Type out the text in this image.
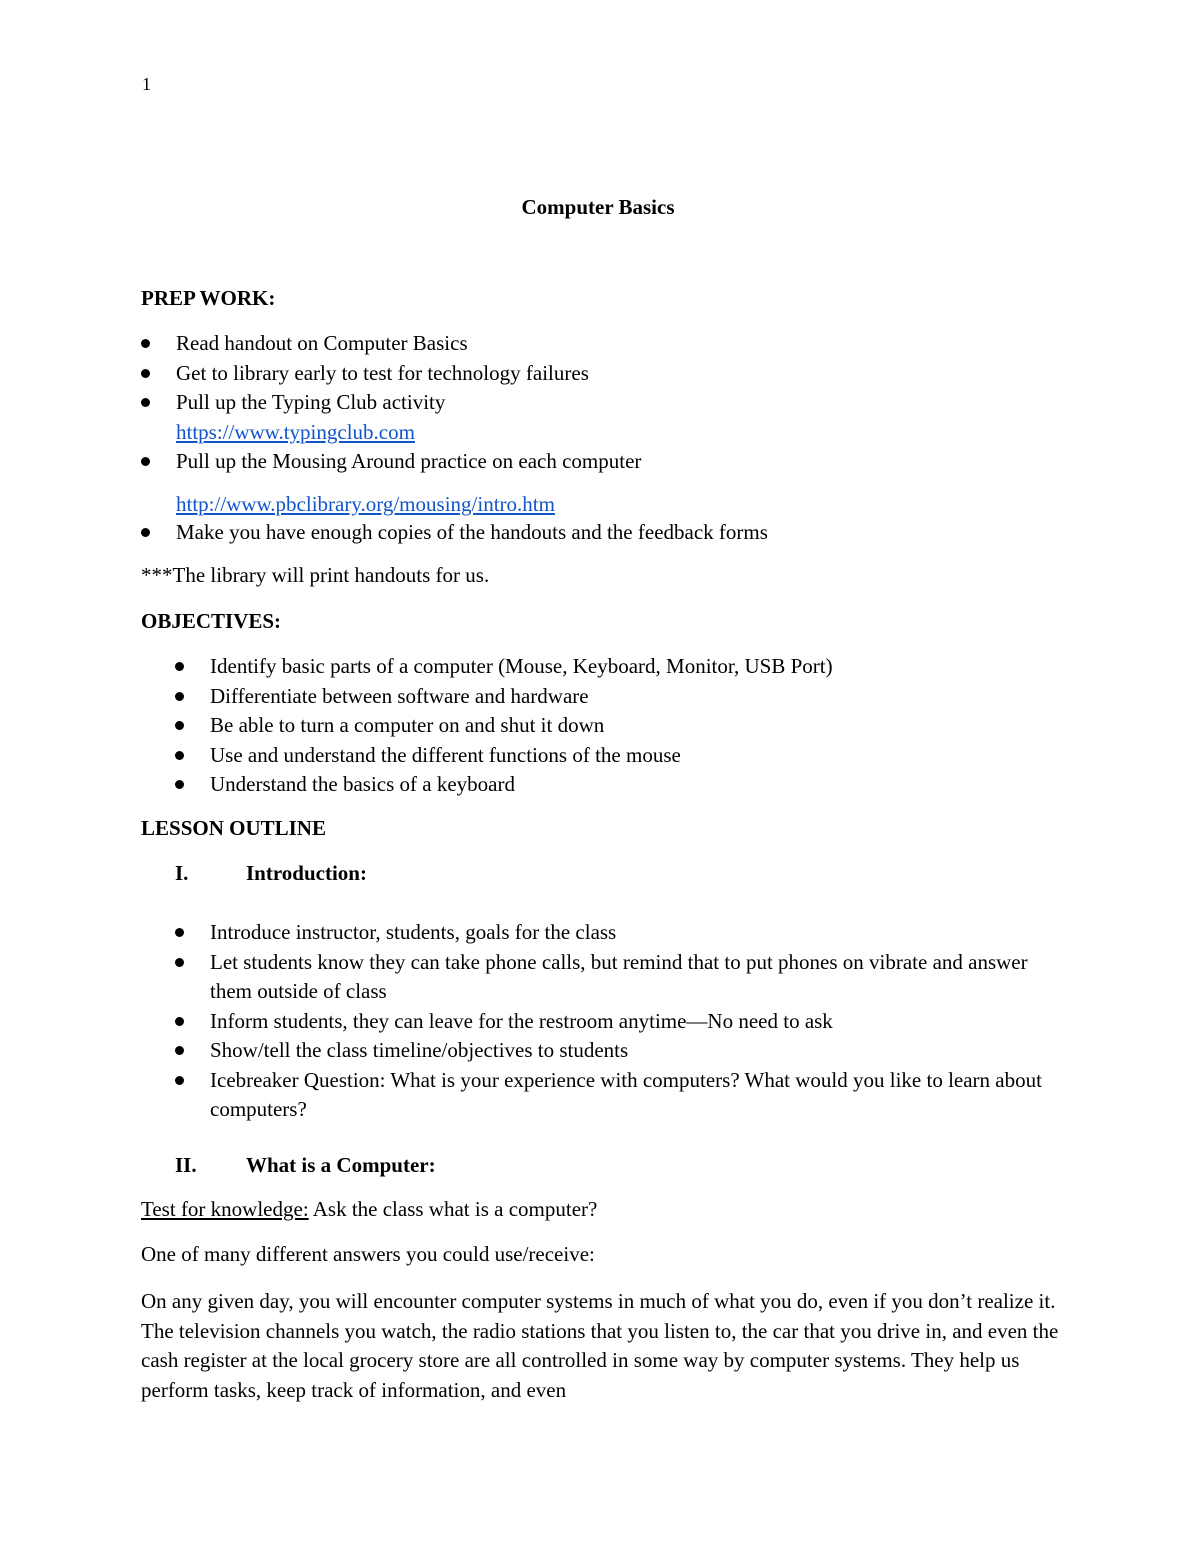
1
Computer Basics
PREP WORK:
Read handout on Computer Basics
Get to library early to test for technology failures
Pull up the Typing Club activity
https://www.typingclub.com
Pull up the Mousing Around practice on each computer
http://www.pbclibrary.org/mousing/intro.htm
Make you have enough copies of the handouts and the feedback forms
***The library will print handouts for us.
OBJECTIVES:
Identify basic parts of a computer (Mouse, Keyboard, Monitor, USB Port)
Differentiate between software and hardware
Be able to turn a computer on and shut it down
Use and understand the different functions of the mouse
Understand the basics of a keyboard
LESSON OUTLINE
I.	Introduction:
Introduce instructor, students, goals for the class
Let students know they can take phone calls, but remind that to put phones on vibrate and answer them outside of class
Inform students, they can leave for the restroom anytime—No need to ask
Show/tell the class timeline/objectives to students
Icebreaker Question: What is your experience with computers? What would you like to learn about computers?
II. What is a Computer:
Test for knowledge: Ask the class what is a computer?
One of many different answers you could use/receive:

On any given day, you will encounter computer systems in much of what you do, even if you don’t realize it. The television channels you watch, the radio stations that you listen to, the car that you drive in, and even the cash register at the local grocery store are all controlled in some way by computer systems. They help us perform tasks, keep track of information, and even
